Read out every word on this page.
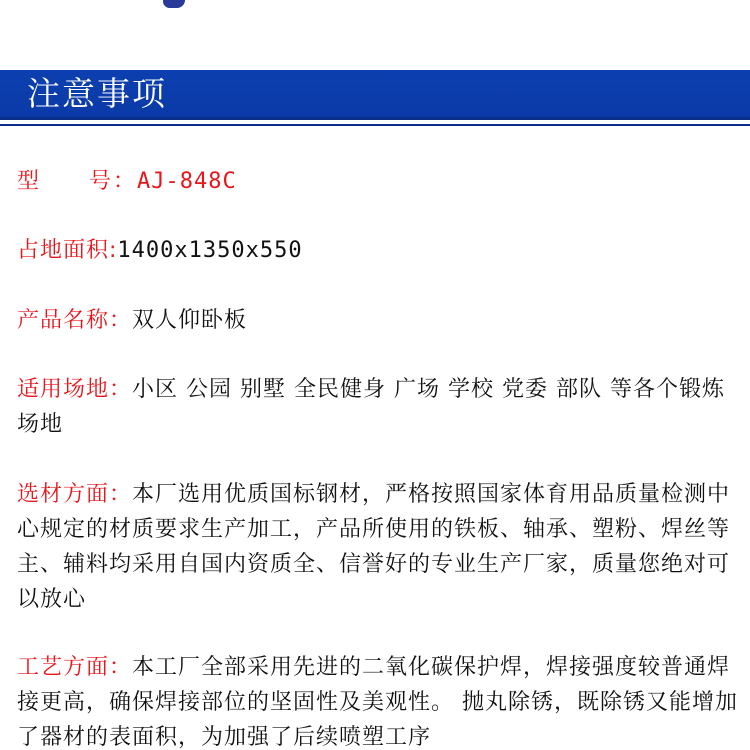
注意事项
型　　号：AJ-848C
占地面积:1400x1350x550
产品名称：双人仰卧板
适用场地：小区 公园 别墅 全民健身 广场 学校 党委 部队 等各个锻炼场地
选材方面：本厂选用优质国标钢材，严格按照国家体育用品质量检测中心规定的材质要求生产加工，产品所使用的铁板、轴承、塑粉、焊丝等主、辅料均采用自国内资质全、信誉好的专业生产厂家，质量您绝对可以放心
工艺方面：本工厂全部采用先进的二氧化碳保护焊，焊接强度较普通焊接更高，确保焊接部位的坚固性及美观性。 抛丸除锈，既除锈又能增加了器材的表面积，为加强了后续喷塑工序
